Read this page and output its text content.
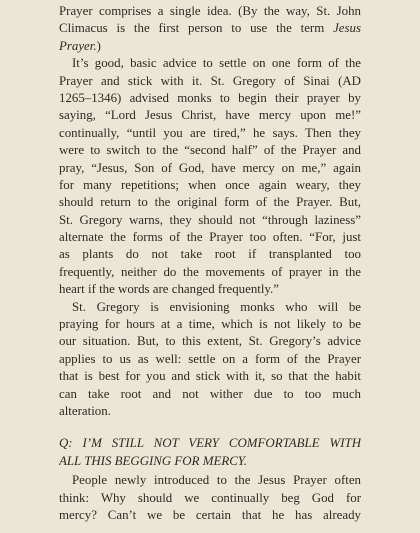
Prayer comprises a single idea. (By the way, St. John
Climacus is the first person to use the term Jesus
Prayer.)
It’s good, basic advice to settle on one form of the
Prayer and stick with it. St. Gregory of Sinai (AD
1265–1346) advised monks to begin their prayer by
saying, “Lord Jesus Christ, have mercy upon me!”
continually, “until you are tired,” he says. Then they
were to switch to the “second half” of the Prayer and
pray, “Jesus, Son of God, have mercy on me,” again
for many repetitions; when once again weary, they
should return to the original form of the Prayer. But,
St. Gregory warns, they should not “through laziness”
alternate the forms of the Prayer too often. “For, just
as plants do not take root if transplanted too
frequently, neither do the movements of prayer in the
heart if the words are changed frequently.”
St. Gregory is envisioning monks who will be
praying for hours at a time, which is not likely to be
our situation. But, to this extent, St. Gregory’s advice
applies to us as well: settle on a form of the Prayer
that is best for you and stick with it, so that the habit
can take root and not wither due to too much
alteration.
Q: I’M STILL NOT VERY COMFORTABLE WITH
ALL THIS BEGGING FOR MERCY.
People newly introduced to the Jesus Prayer often
think: Why should we continually beg God for
mercy? Can’t we be certain that he has already
